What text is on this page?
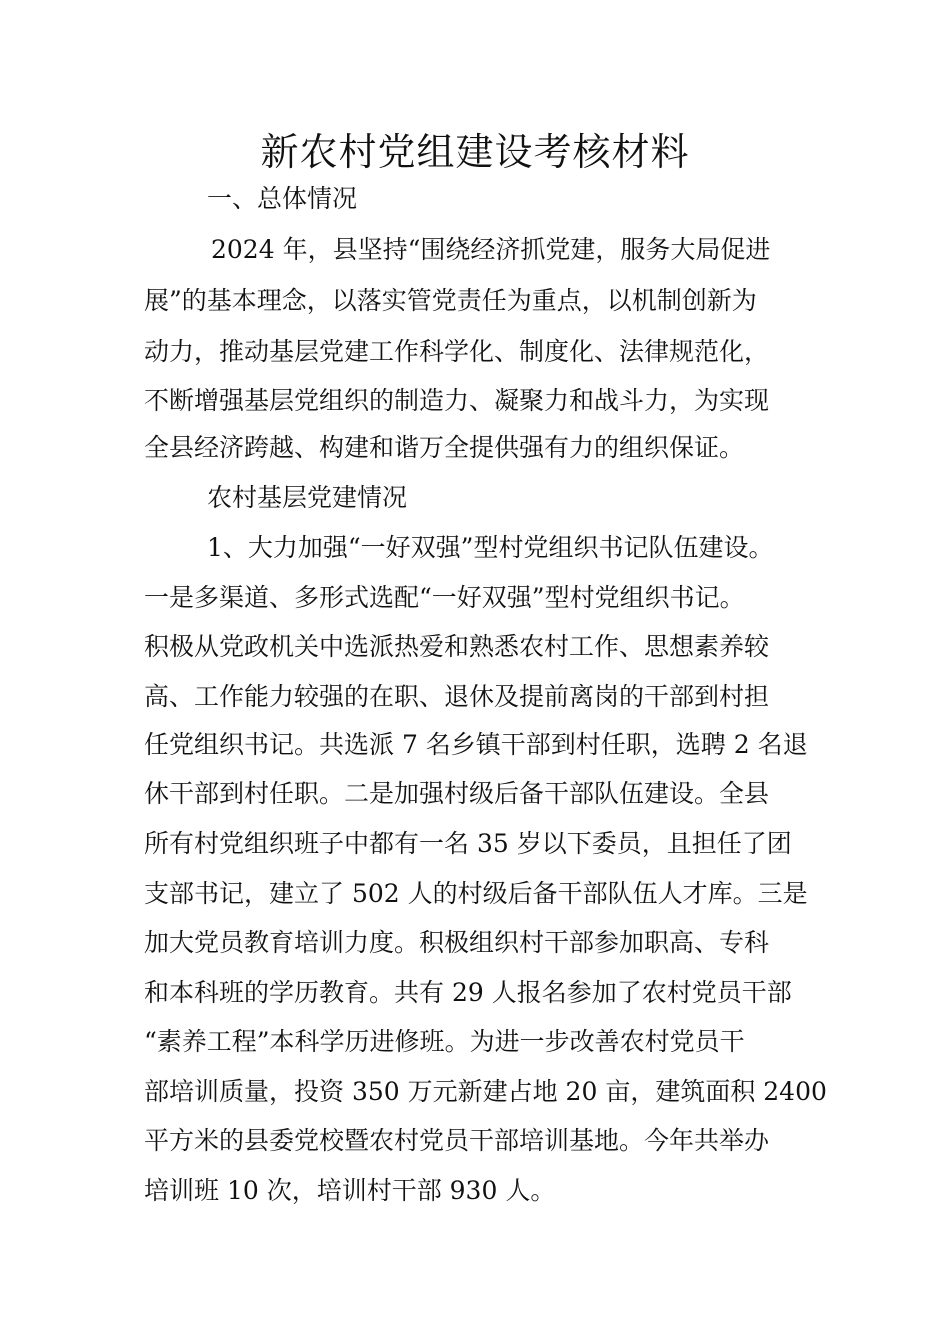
新农村党组建设考核材料

一、总体情况

2024 年，县坚持“围绕经济抓党建，服务大局促进

展”的基本理念，以落实管党责任为重点，以机制创新为

动力，推动基层党建工作科学化、制度化、法律规范化，

不断增强基层党组织的制造力、凝聚力和战斗力，为实现

全县经济跨越、构建和谐万全提供强有力的组织保证。

农村基层党建情况

1、大力加强“一好双强”型村党组织书记队伍建设。

一是多渠道、多形式选配“一好双强”型村党组织书记。

积极从党政机关中选派热爱和熟悉农村工作、思想素养较

高、工作能力较强的在职、退休及提前离岗的干部到村担

任党组织书记。共选派 7 名乡镇干部到村任职，选聘 2 名退

休干部到村任职。二是加强村级后备干部队伍建设。全县

所有村党组织班子中都有一名 35 岁以下委员，且担任了团

支部书记，建立了 502 人的村级后备干部队伍人才库。三是

加大党员教育培训力度。积极组织村干部参加职高、专科

和本科班的学历教育。共有 29 人报名参加了农村党员干部

“素养工程”本科学历进修班。为进一步改善农村党员干

部培训质量，投资 350 万元新建占地 20 亩，建筑面积 2400

平方米的县委党校暨农村党员干部培训基地。今年共举办

培训班 10 次，培训村干部 930 人。
